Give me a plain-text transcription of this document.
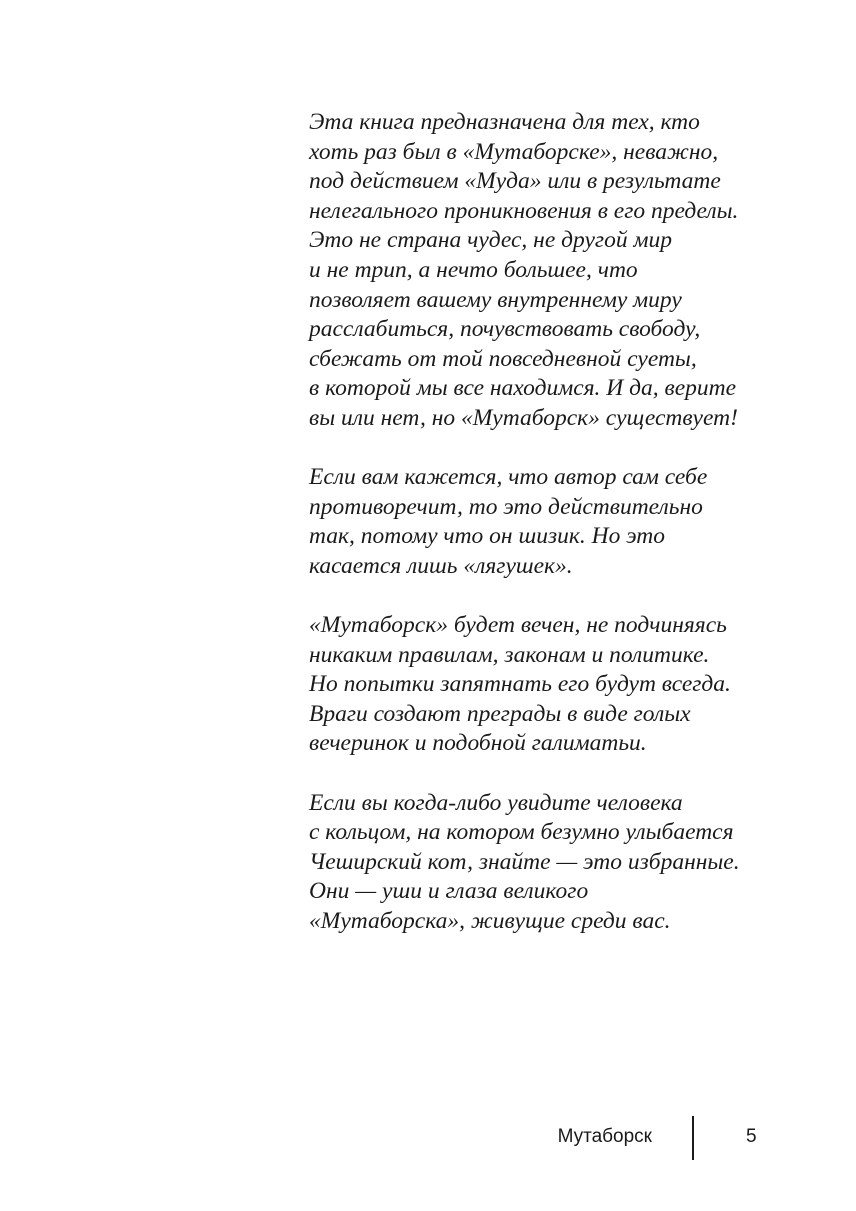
Эта книга предназначена для тех, кто
хоть раз был в «Мутаборске», неважно,
под действием «Муда» или в результате
нелегального проникновения в его пределы.
Это не страна чудес, не другой мир
и не трип, а нечто большее, что
позволяет вашему внутреннему миру
расслабиться, почувствовать свободу,
сбежать от той повседневной суеты,
в которой мы все находимся. И да, верите
вы или нет, но «Мутаборск» существует!

Если вам кажется, что автор сам себе
противоречит, то это действительно
так, потому что он шизик. Но это
касается лишь «лягушек».

«Мутаборск» будет вечен, не подчиняясь
никаким правилам, законам и политике.
Но попытки запятнать его будут всегда.
Враги создают преграды в виде голых
вечеринок и подобной галиматьи.

Если вы когда-либо увидите человека
с кольцом, на котором безумно улыбается
Чеширский кот, знайте — это избранные.
Они — уши и глаза великого
«Мутаборска», живущие среди вас.

Мутаборск	5
